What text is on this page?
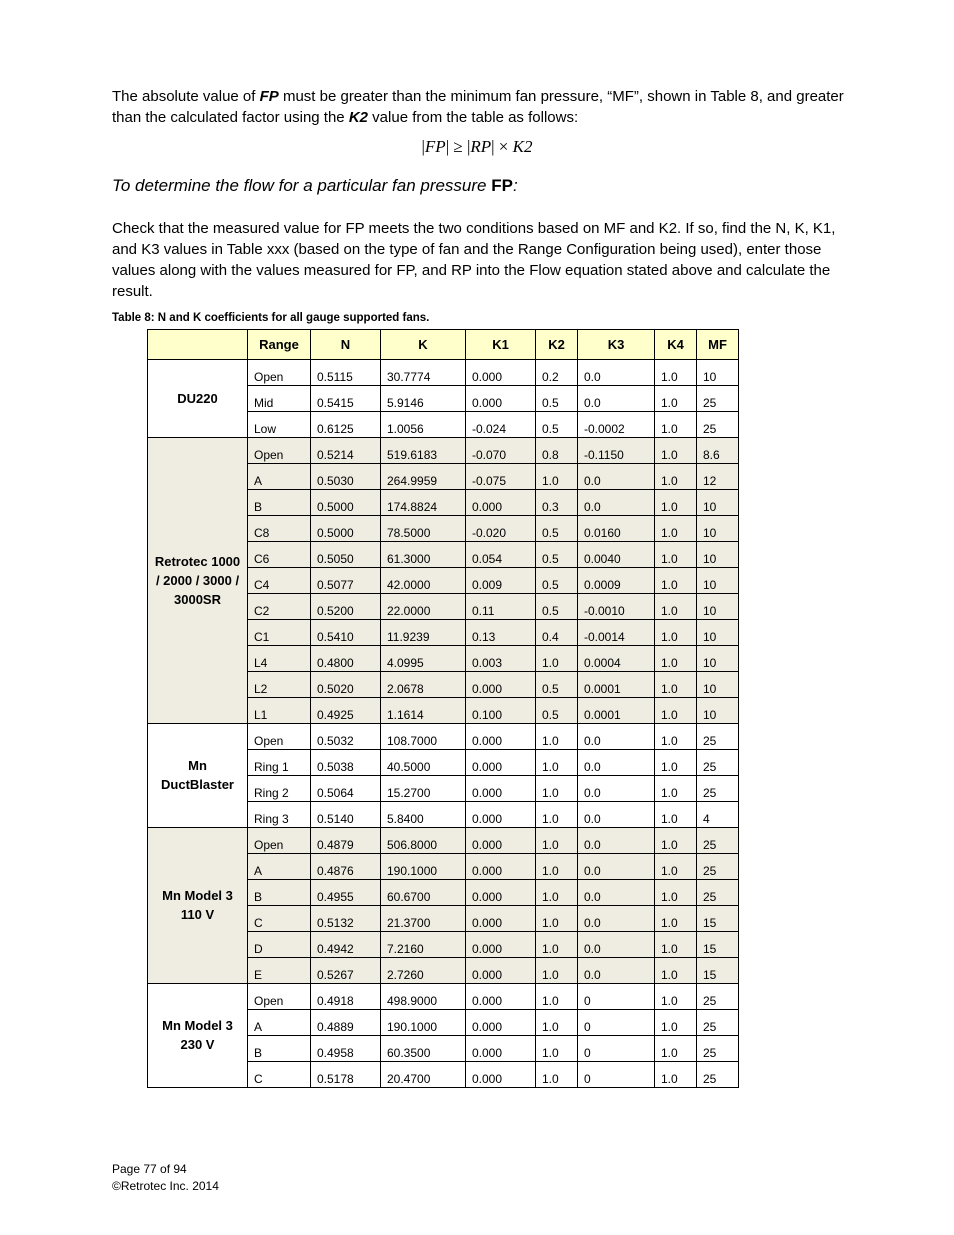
The absolute value of FP must be greater than the minimum fan pressure, “MF”, shown in Table 8, and greater than the calculated factor using the K2 value from the table as follows:

|FP| ≥ |RP| × K2

To determine the flow for a particular fan pressure FP:

Check that the measured value for FP meets the two conditions based on MF and K2. If so, find the N, K, K1, and K3 values in Table xxx (based on the type of fan and the Range Configuration being used), enter those values along with the values measured for FP, and RP into the Flow equation stated above and calculate the result.

Table 8: N and K coefficients for all gauge supported fans.
	Range	N	K	K1	K2	K3	K4	MF
DU220	Open	0.5115	30.7774	0.000	0.2	0.0	1.0	10
	Mid	0.5415	5.9146	0.000	0.5	0.0	1.0	25
	Low	0.6125	1.0056	-0.024	0.5	-0.0002	1.0	25
Retrotec 1000 / 2000 / 3000 / 3000SR	Open	0.5214	519.6183	-0.070	0.8	-0.1150	1.0	8.6
	A	0.5030	264.9959	-0.075	1.0	0.0	1.0	12
	B	0.5000	174.8824	0.000	0.3	0.0	1.0	10
	C8	0.5000	78.5000	-0.020	0.5	0.0160	1.0	10
	C6	0.5050	61.3000	0.054	0.5	0.0040	1.0	10
	C4	0.5077	42.0000	0.009	0.5	0.0009	1.0	10
	C2	0.5200	22.0000	0.11	0.5	-0.0010	1.0	10
	C1	0.5410	11.9239	0.13	0.4	-0.0014	1.0	10
	L4	0.4800	4.0995	0.003	1.0	0.0004	1.0	10
	L2	0.5020	2.0678	0.000	0.5	0.0001	1.0	10
	L1	0.4925	1.1614	0.100	0.5	0.0001	1.0	10
Mn DuctBlaster	Open	0.5032	108.7000	0.000	1.0	0.0	1.0	25
	Ring 1	0.5038	40.5000	0.000	1.0	0.0	1.0	25
	Ring 2	0.5064	15.2700	0.000	1.0	0.0	1.0	25
	Ring 3	0.5140	5.8400	0.000	1.0	0.0	1.0	4
Mn Model 3 110 V	Open	0.4879	506.8000	0.000	1.0	0.0	1.0	25
	A	0.4876	190.1000	0.000	1.0	0.0	1.0	25
	B	0.4955	60.6700	0.000	1.0	0.0	1.0	25
	C	0.5132	21.3700	0.000	1.0	0.0	1.0	15
	D	0.4942	7.2160	0.000	1.0	0.0	1.0	15
	E	0.5267	2.7260	0.000	1.0	0.0	1.0	15
Mn Model 3 230 V	Open	0.4918	498.9000	0.000	1.0	0	1.0	25
	A	0.4889	190.1000	0.000	1.0	0	1.0	25
	B	0.4958	60.3500	0.000	1.0	0	1.0	25
	C	0.5178	20.4700	0.000	1.0	0	1.0	25
Page 77 of 94
©Retrotec Inc. 2014
